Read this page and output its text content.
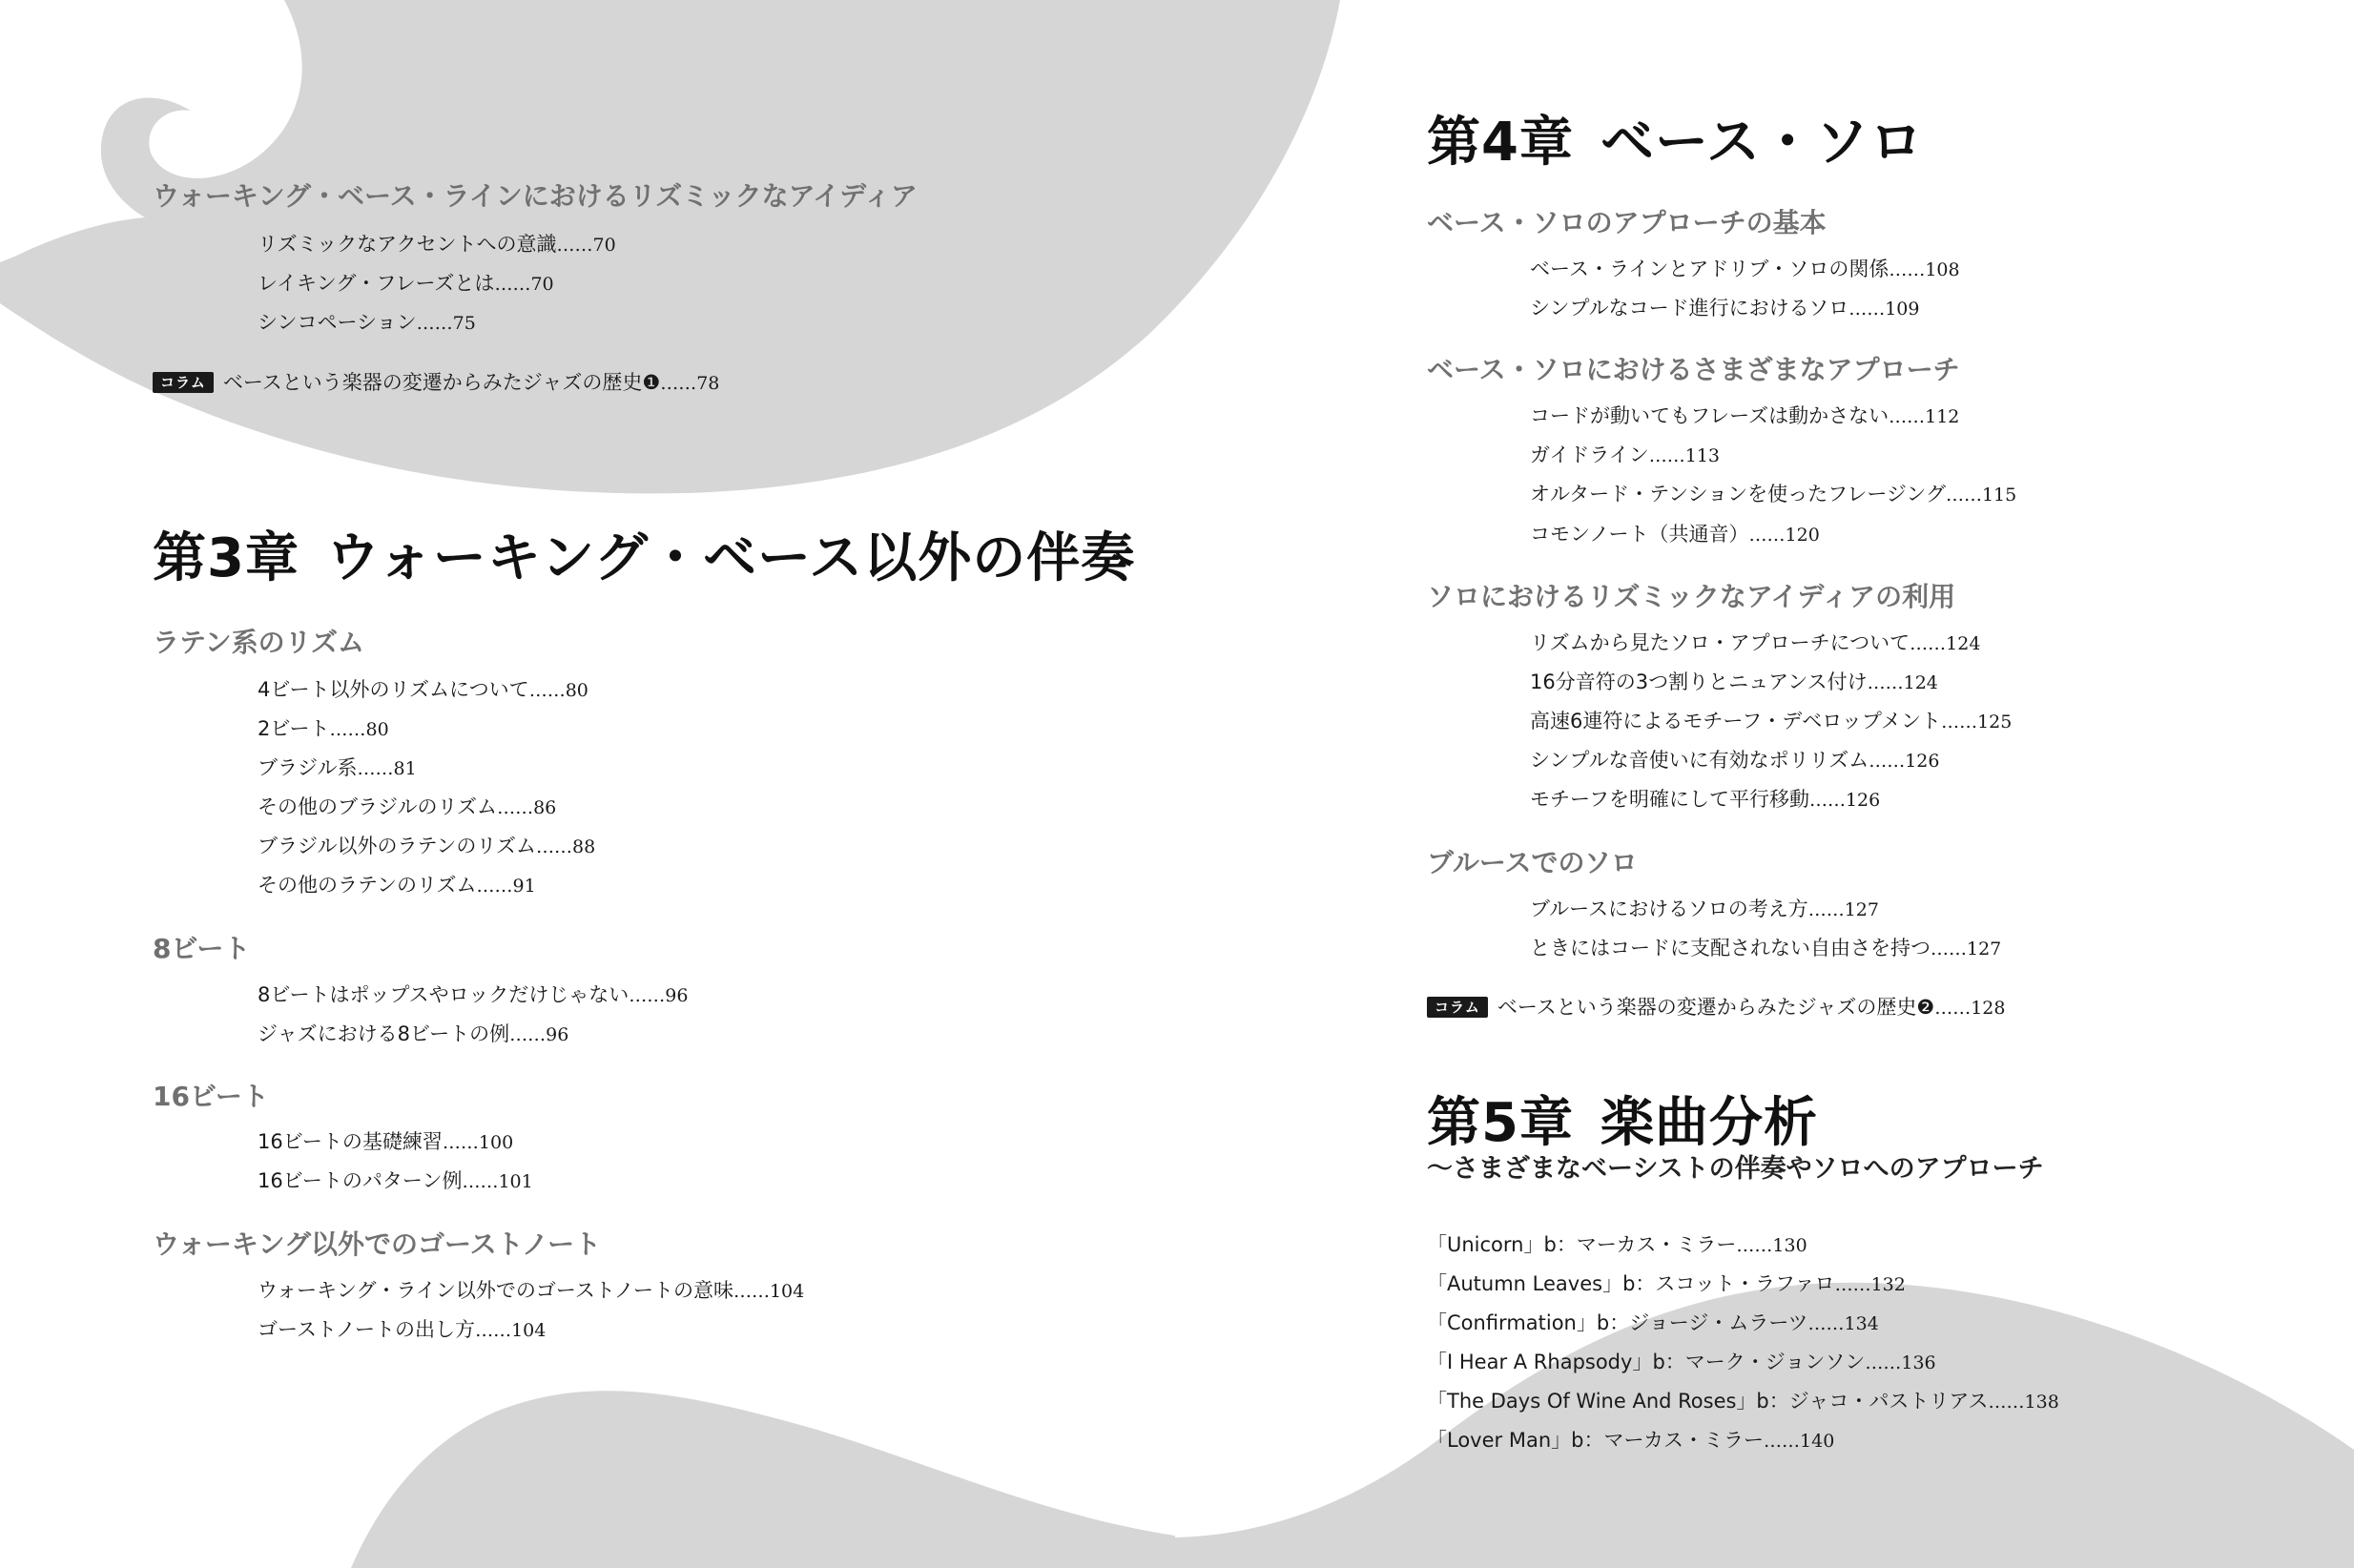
ウォーキング・ベース・ラインにおけるリズミックなアイディア
リズミックなアクセントへの意識……70
レイキング・フレーズとは……70
シンコペーション……75
コラム ベースという楽器の変遷からみたジャズの歴史❶……78
第3章 ウォーキング・ベース以外の伴奏
ラテン系のリズム
4ビート以外のリズムについて……80
2ビート……80
ブラジル系……81
その他のブラジルのリズム……86
ブラジル以外のラテンのリズム……88
その他のラテンのリズム……91
8ビート
8ビートはポップスやロックだけじゃない……96
ジャズにおける8ビートの例……96
16ビート
16ビートの基礎練習……100
16ビートのパターン例……101
ウォーキング以外でのゴーストノート
ウォーキング・ライン以外でのゴーストノートの意味……104
ゴーストノートの出し方……104
第4章 ベース・ソロ
ベース・ソロのアプローチの基本
ベース・ラインとアドリブ・ソロの関係……108
シンプルなコード進行におけるソロ……109
ベース・ソロにおけるさまざまなアプローチ
コードが動いてもフレーズは動かさない……112
ガイドライン……113
オルタード・テンションを使ったフレージング……115
コモンノート（共通音）……120
ソロにおけるリズミックなアイディアの利用
リズムから見たソロ・アプローチについて……124
16分音符の3つ割りとニュアンス付け……124
高速6連符によるモチーフ・デベロップメント……125
シンプルな音使いに有効なポリリズム……126
モチーフを明確にして平行移動……126
ブルースでのソロ
ブルースにおけるソロの考え方……127
ときにはコードに支配されない自由さを持つ……127
コラム ベースという楽器の変遷からみたジャズの歴史❷……128
第5章 楽曲分析

～さまざまなベーシストの伴奏やソロへのアプローチ

「Unicorn」b：マーカス・ミラー……130
「Autumn Leaves」b：スコット・ラファロ……132
「Confirmation」b：ジョージ・ムラーツ……134
「I Hear A Rhapsody」b：マーク・ジョンソン……136
「The Days Of Wine And Roses」b：ジャコ・パストリアス……138
「Lover Man」b：マーカス・ミラー……140
